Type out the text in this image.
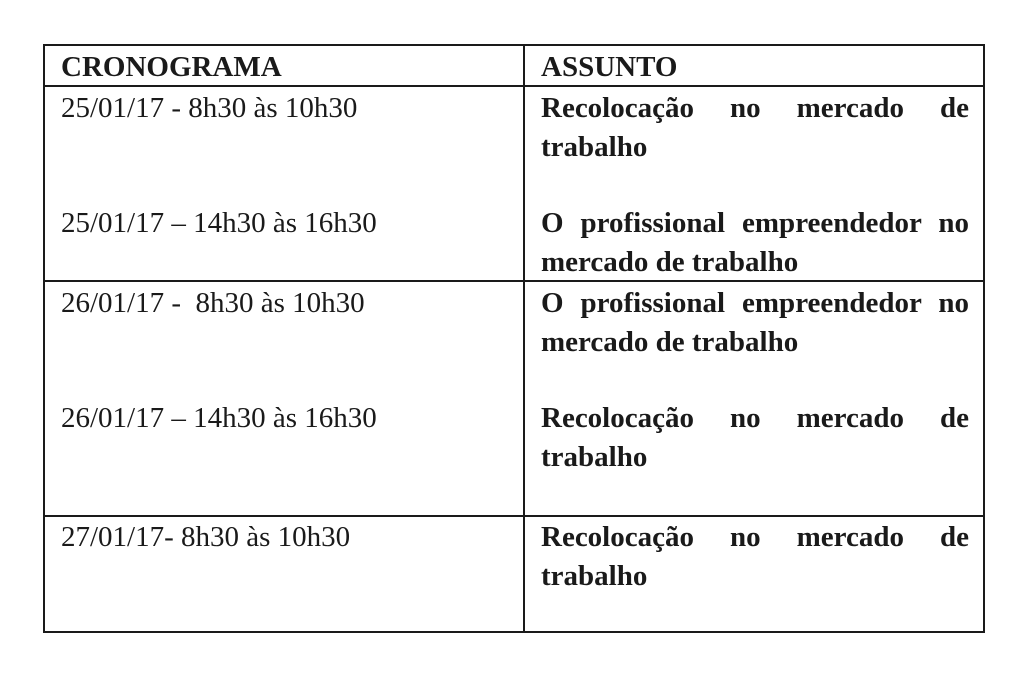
CRONOGRAMA	ASSUNTO
25/01/17 - 8h30 às 10h30	Recolocação no mercado de trabalho
25/01/17 – 14h30 às 16h30	O profissional empreendedor no mercado de trabalho
26/01/17 -  8h30 às 10h30	O profissional empreendedor no mercado de trabalho
26/01/17 – 14h30 às 16h30	Recolocação no mercado de trabalho
27/01/17- 8h30 às 10h30	Recolocação no mercado de trabalho
